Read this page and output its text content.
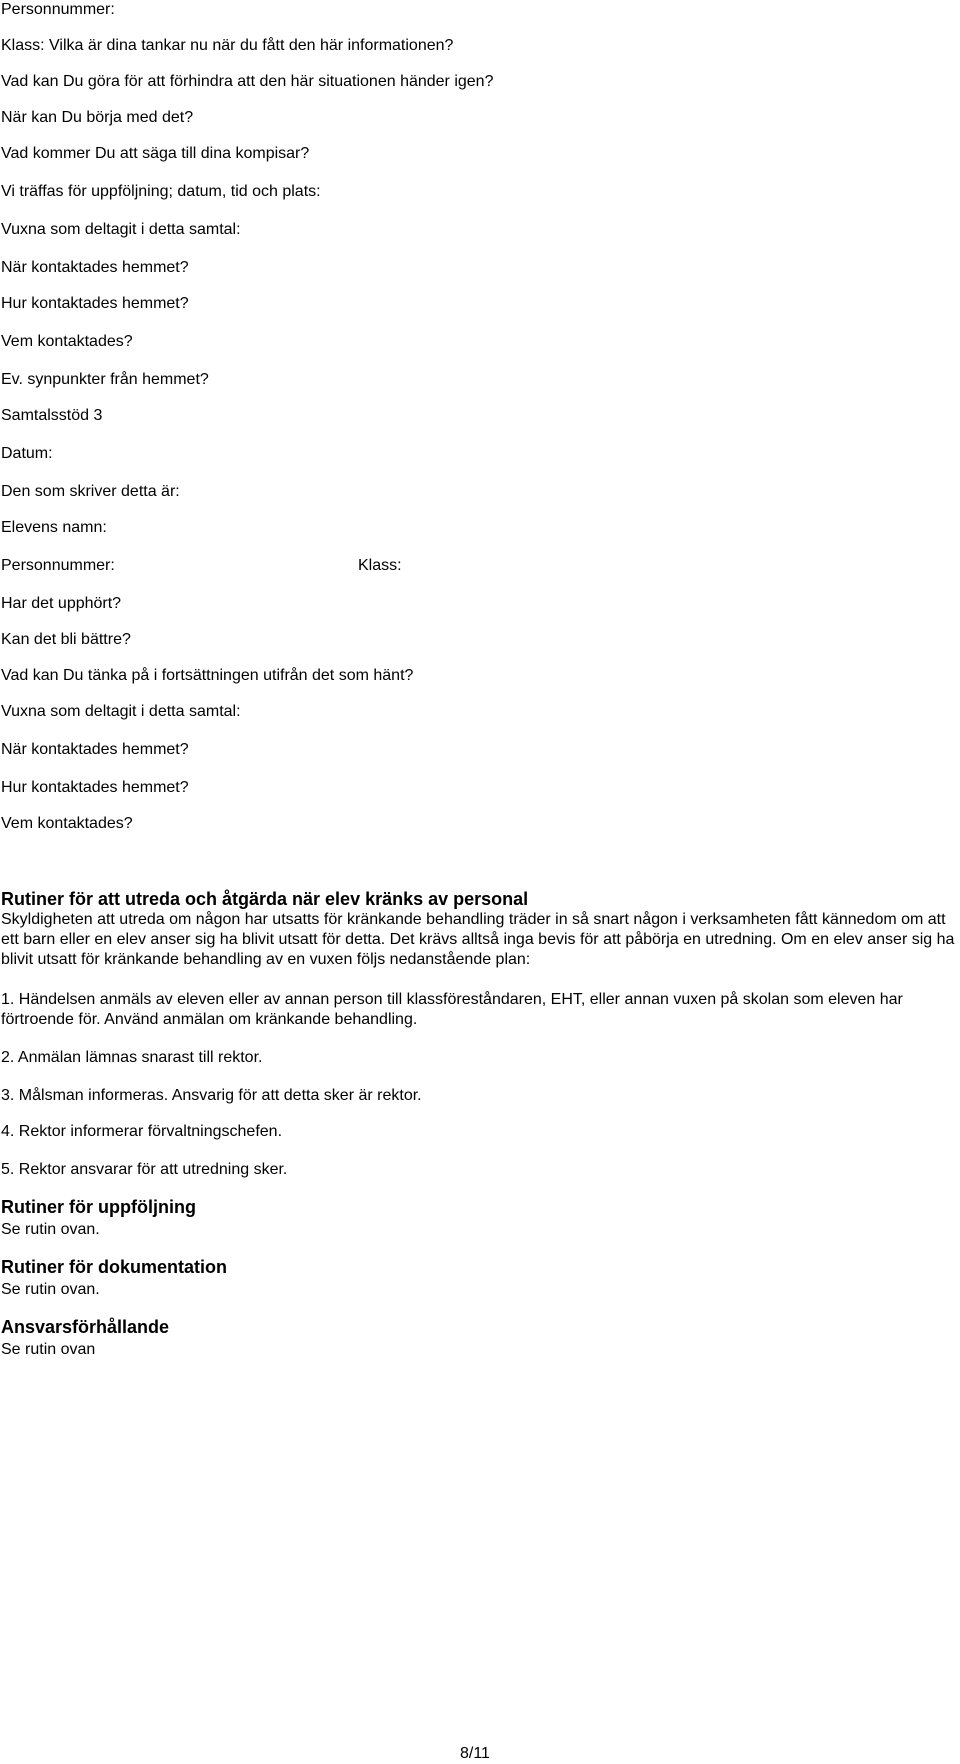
Personnummer:
Klass: Vilka är dina tankar nu när du fått den här informationen?
Vad kan Du göra för att förhindra att den här situationen händer igen?
När kan Du börja med det?
Vad kommer Du att säga till dina kompisar?
Vi träffas för uppföljning; datum, tid och plats:
Vuxna som deltagit i detta samtal:
När kontaktades hemmet?
Hur kontaktades hemmet?
Vem kontaktades?
Ev. synpunkter från hemmet?
Samtalsstöd 3
Datum:
Den som skriver detta är:
Elevens namn:
Personnummer:	Klass:
Har det upphört?
Kan det bli bättre?
Vad kan Du tänka på i fortsättningen utifrån det som hänt?
Vuxna som deltagit i detta samtal:
När kontaktades hemmet?
Hur kontaktades hemmet?
Vem kontaktades?
Rutiner för att utreda och åtgärda när elev kränks av personal
Skyldigheten att utreda om någon har utsatts för kränkande behandling träder in så snart någon i verksamheten fått kännedom om att ett barn eller en elev anser sig ha blivit utsatt för detta. Det krävs alltså inga bevis för att påbörja en utredning. Om en elev anser sig ha blivit utsatt för kränkande behandling av en vuxen följs nedanstående plan:
1. Händelsen anmäls av eleven eller av annan person till klassföreståndaren, EHT, eller annan vuxen på skolan som eleven har förtroende för. Använd anmälan om kränkande behandling.
2. Anmälan lämnas snarast till rektor.
3. Målsman informeras. Ansvarig för att detta sker är rektor.
4. Rektor informerar förvaltningschefen.
5. Rektor ansvarar för att utredning sker.
Rutiner för uppföljning
Se rutin ovan.
Rutiner för dokumentation
Se rutin ovan.
Ansvarsförhållande
Se rutin ovan
8/11
